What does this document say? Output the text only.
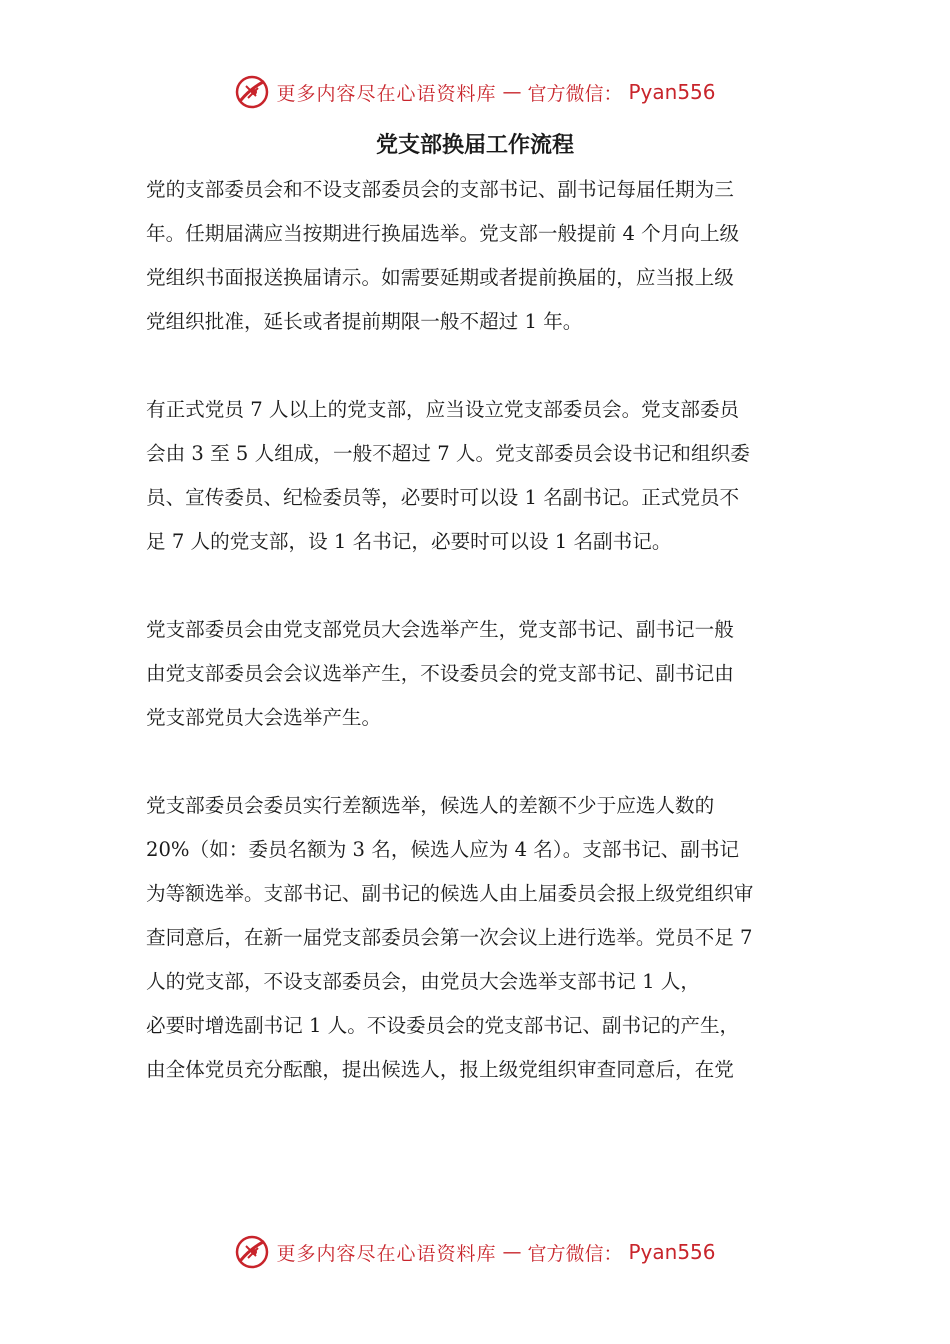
更多内容尽在心语资料库 — 官方微信： Pyan556
党支部换届工作流程
党的支部委员会和不设支部委员会的支部书记、副书记每届任期为三
年。任期届满应当按期进行换届选举。党支部一般提前 4 个月向上级
党组织书面报送换届请示。如需要延期或者提前换届的，应当报上级
党组织批准，延长或者提前期限一般不超过 1 年。
有正式党员 7 人以上的党支部，应当设立党支部委员会。党支部委员
会由 3 至 5 人组成，一般不超过 7 人。党支部委员会设书记和组织委
员、宣传委员、纪检委员等，必要时可以设 1 名副书记。正式党员不
足 7 人的党支部，设 1 名书记，必要时可以设 1 名副书记。
党支部委员会由党支部党员大会选举产生，党支部书记、副书记一般
由党支部委员会会议选举产生，不设委员会的党支部书记、副书记由
党支部党员大会选举产生。
党支部委员会委员实行差额选举，候选人的差额不少于应选人数的
20%（如：委员名额为 3 名，候选人应为 4 名）。支部书记、副书记
为等额选举。支部书记、副书记的候选人由上届委员会报上级党组织审
查同意后，在新一届党支部委员会第一次会议上进行选举。党员不足 7
人的党支部，不设支部委员会，由党员大会选举支部书记 1 人，
必要时增选副书记 1 人。不设委员会的党支部书记、副书记的产生，
由全体党员充分酝酿，提出候选人，报上级党组织审查同意后，在党
更多内容尽在心语资料库 — 官方微信： Pyan556
